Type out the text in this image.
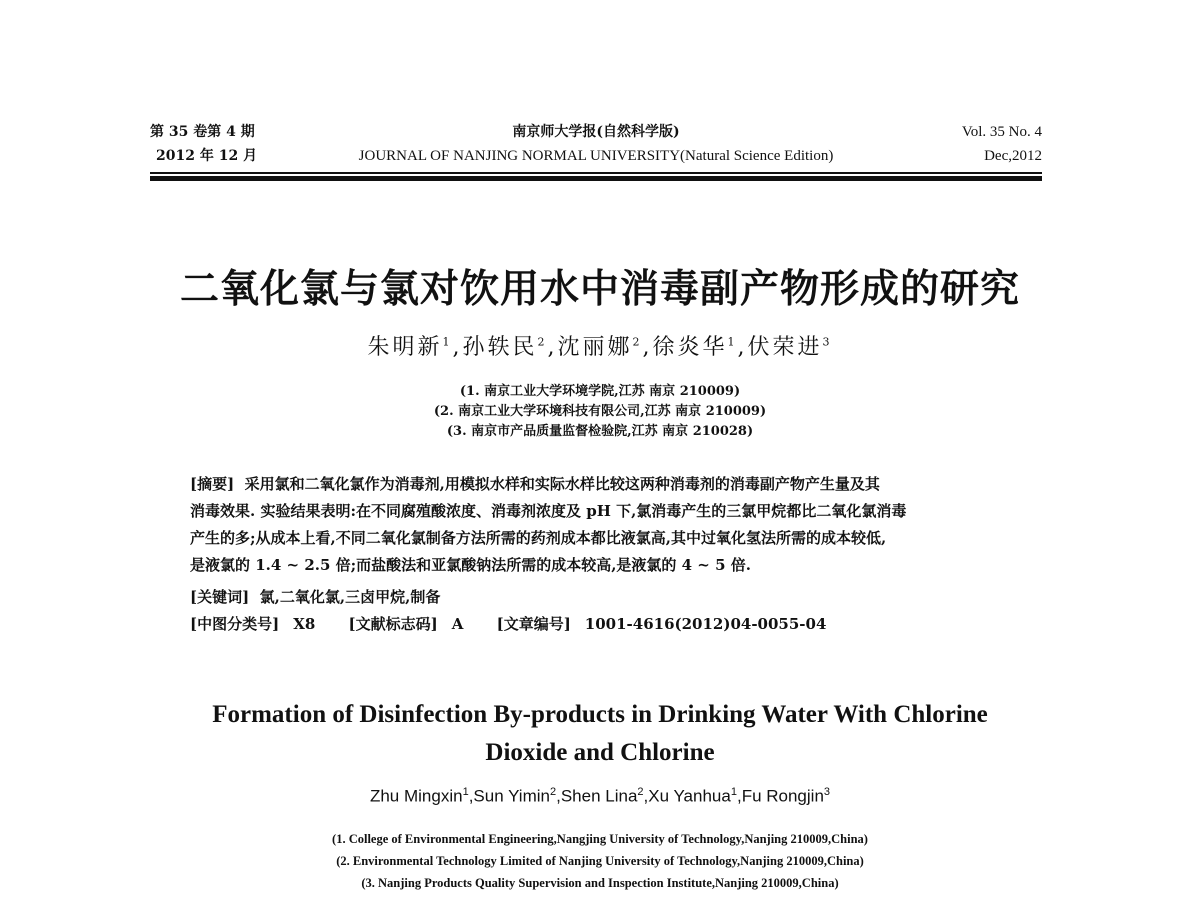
第 35 卷第 4 期
2012 年 12 月
南京师大学报(自然科学版)
JOURNAL OF NANJING NORMAL UNIVERSITY(Natural Science Edition)
Vol. 35 No. 4
Dec,2012
二氧化氯与氯对饮用水中消毒副产物形成的研究
朱明新$^1$,孙轶民$^2$,沈丽娜$^2$,徐炎华$^1$,伏荣进$^3$
(1. 南京工业大学环境学院,江苏 南京 210009)
(2. 南京工业大学环境科技有限公司,江苏 南京 210009)
(3. 南京市产品质量监督检验院,江苏 南京 210028)
[摘要] 采用氯和二氧化氯作为消毒剂,用模拟水样和实际水样比较这两种消毒剂的消毒副产物产生量及其
消毒效果. 实验结果表明:在不同腐殖酸浓度、消毒剂浓度及 pH 下,氯消毒产生的三氯甲烷都比二氧化氯消毒
产生的多;从成本上看,不同二氧化氯制备方法所需的药剂成本都比液氯高,其中过氧化氢法所需的成本较低,
是液氯的 1.4 ~ 2.5 倍;而盐酸法和亚氯酸钠法所需的成本较高,是液氯的 4 ~ 5 倍.
[关键词] 氯,二氧化氯,三卤甲烷,制备
[中图分类号] X8 [文献标志码] A [文章编号] 1001-4616(2012)04-0055-04
Formation of Disinfection By-products in Drinking Water With Chlorine
Dioxide and Chlorine
Zhu Mingxin$^1$,Sun Yimin$^2$,Shen Lina$^2$,Xu Yanhua$^1$,Fu Rongjin$^3$
(1. College of Environmental Engineering,Nangjing University of Technology,Nanjing 210009,China)
(2. Environmental Technology Limited of Nanjing University of Technology,Nanjing 210009,China)
(3. Nanjing Products Quality Supervision and Inspection Institute,Nanjing 210009,China)
